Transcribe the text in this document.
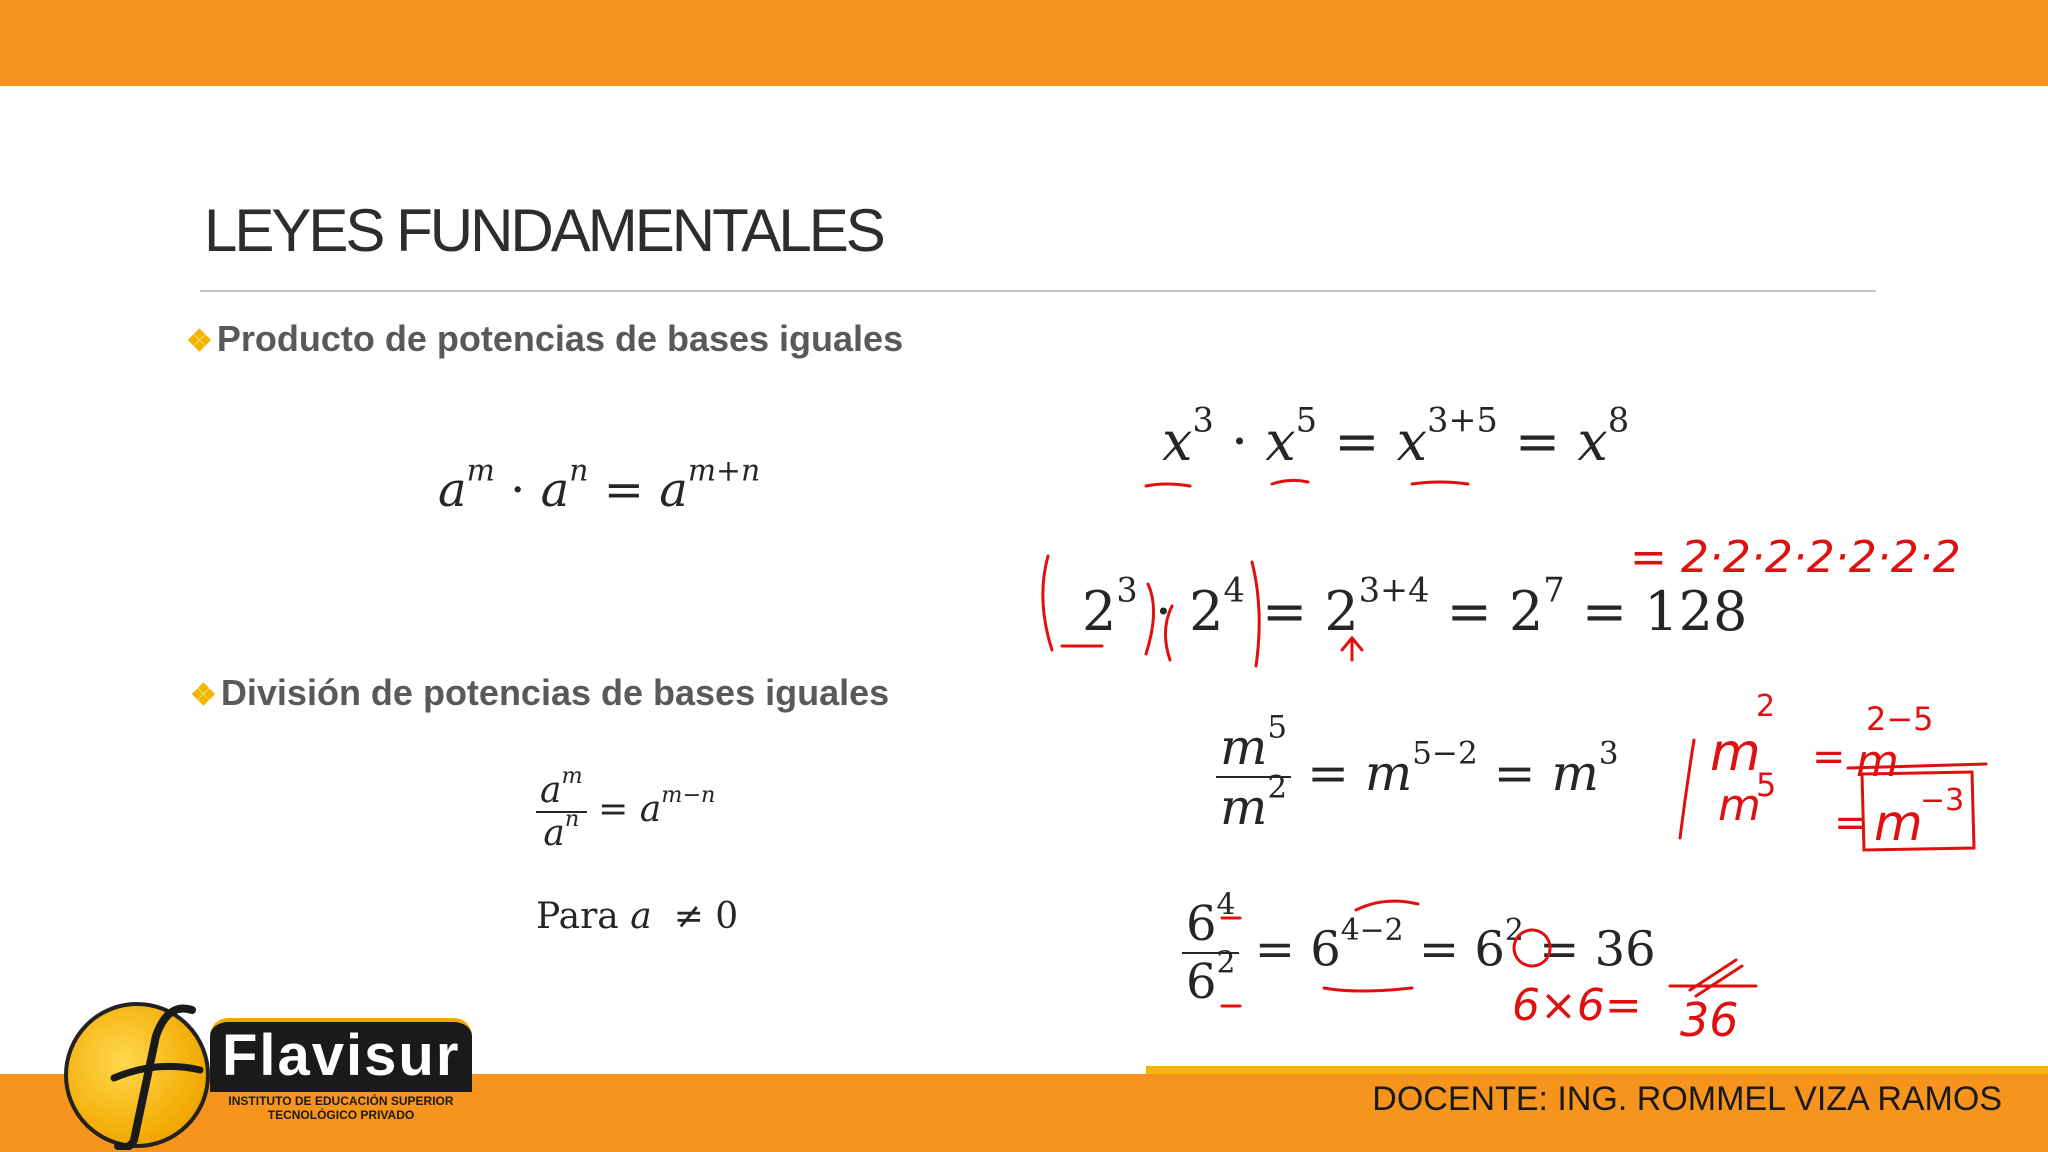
LEYES FUNDAMENTALES
❖ Producto de potencias de bases iguales
$a^m \cdot a^n = a^{m+n}$
❖ División de potencias de bases iguales
$\frac{a^m}{a^n} = a^{m-n}$
Para a ≠ 0
$x^3 \cdot x^5 = x^{3+5} = x^8$
$2^3 \cdot 2^4 = 2^{3+4} = 2^7 = 128$
$\frac{m^5}{m^2} = m^{5-2} = m^3$
$\frac{6^4}{6^2} = 6^{4-2} = 6^2 = 36$
= 2·2·2·2·2·2·2
m
2
m
5
= m
2−5
= m
−3
6×6= 36
DOCENTE: ING. ROMMEL VIZA RAMOS
Flavisur
INSTITUTO DE EDUCACIÓN SUPERIOR
TECNOLÓGICO PRIVADO
